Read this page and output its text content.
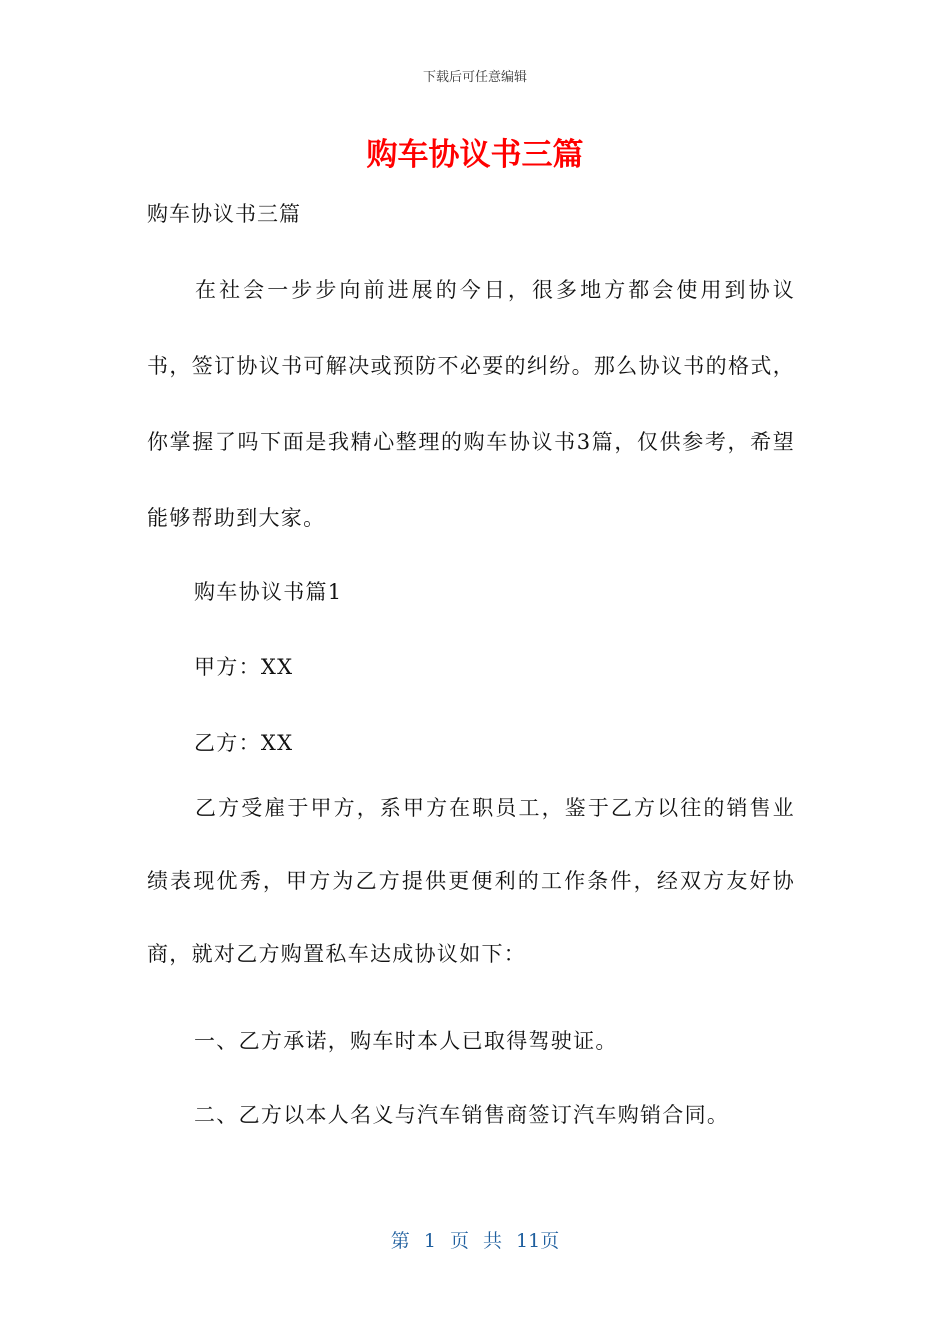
下载后可任意编辑
购车协议书三篇
购车协议书三篇
在社会一步步向前进展的今日，很多地方都会使用到协议书，签订协议书可解决或预防不必要的纠纷。那么协议书的格式，你掌握了吗下面是我精心整理的购车协议书3篇，仅供参考，希望能够帮助到大家。
购车协议书篇1
甲方：XX
乙方：XX
乙方受雇于甲方，系甲方在职员工，鉴于乙方以往的销售业绩表现优秀，甲方为乙方提供更便利的工作条件，经双方友好协商，就对乙方购置私车达成协议如下：
一、乙方承诺，购车时本人已取得驾驶证。
二、乙方以本人名义与汽车销售商签订汽车购销合同。
第 1 页 共 11页
